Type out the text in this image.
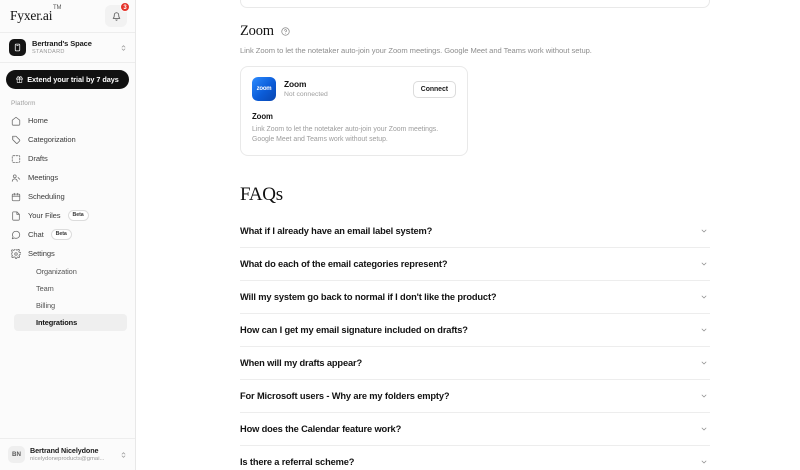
Fyxer.ai TM	3
Bertrand's Space
STANDARD
Extend your trial by 7 days
Platform
Home
Categorization
Drafts
Meetings
Scheduling
Your Files	Beta
Chat	Beta
Settings
Organization
Team
Billing
Integrations
BN	Bertrand Nicelydone
nicelydoneproducts@gmai...
Zoom
Link Zoom to let the notetaker auto-join your Zoom meetings. Google Meet and Teams work without setup.
zoom Zoom
Not connected
Connect
Zoom
Link Zoom to let the notetaker auto-join your Zoom meetings. Google Meet and Teams work without setup.
FAQs
What if I already have an email label system?
What do each of the email categories represent?
Will my system go back to normal if I don't like the product?
How can I get my email signature included on drafts?
When will my drafts appear?
For Microsoft users - Why are my folders empty?
How does the Calendar feature work?
Is there a referral scheme?
